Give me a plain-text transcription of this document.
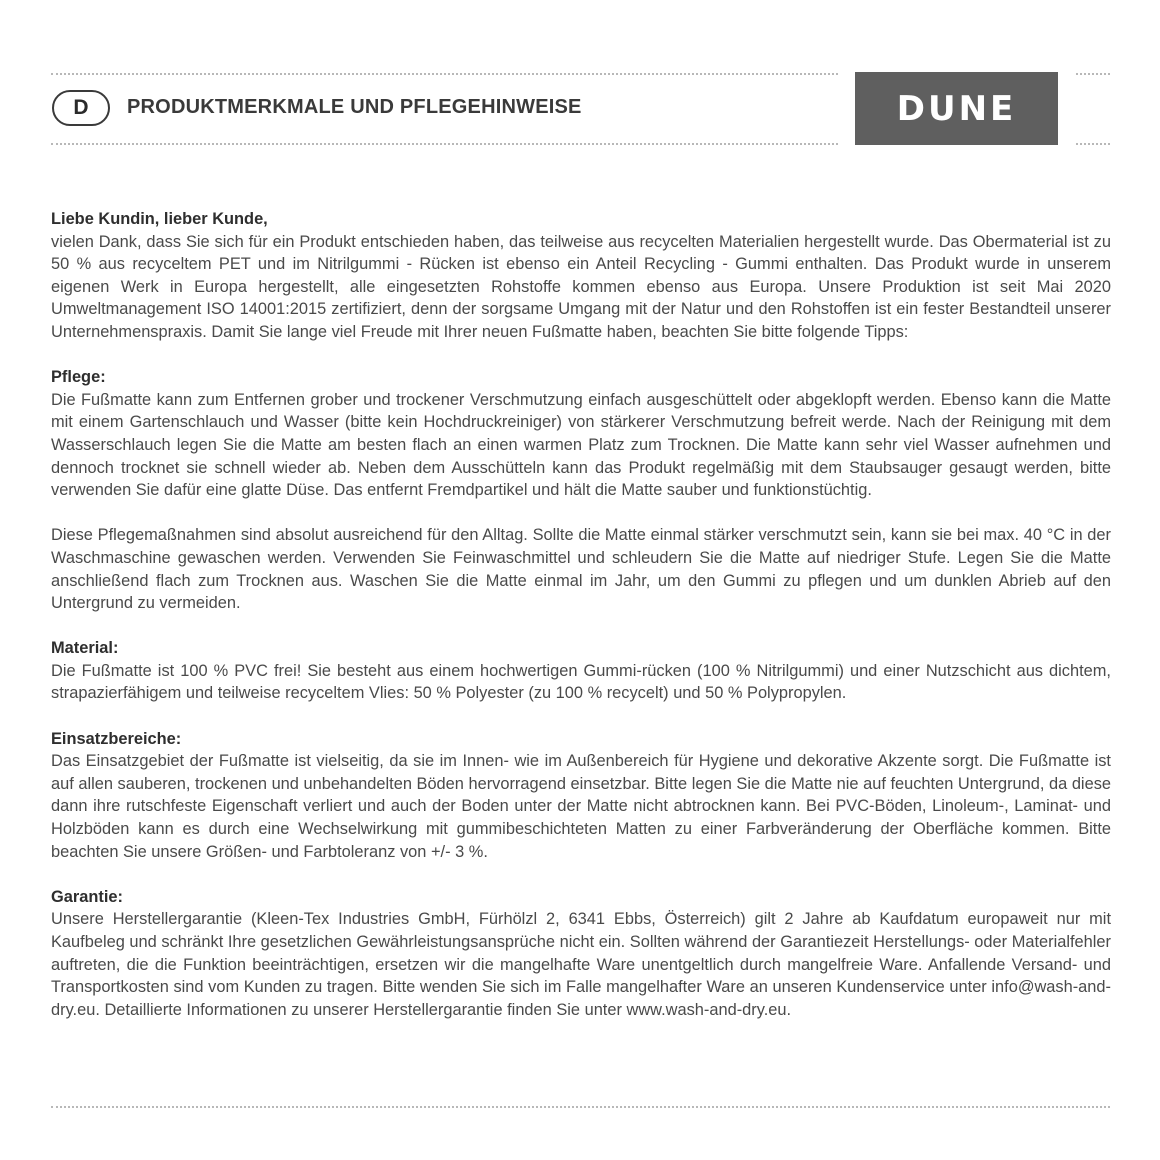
D PRODUKTMERKMALE UND PFLEGEHINWEISE	DUNE

Liebe Kundin, lieber Kunde,

vielen Dank, dass Sie sich für ein Produkt entschieden haben, das teilweise aus recycelten Materialien hergestellt wurde. Das Obermaterial ist zu 50 % aus recyceltem PET und im Nitrilgummi - Rücken ist ebenso ein Anteil Recycling - Gummi enthalten. Das Produkt wurde in unserem eigenen Werk in Europa hergestellt, alle eingesetzten Rohstoffe kommen ebenso aus Europa. Unsere Produktion ist seit Mai 2020 Umweltmanagement ISO 14001:2015 zertifiziert, denn der sorgsame Umgang mit der Natur und den Rohstoffen ist ein fester Bestandteil unserer Unternehmenspraxis. Damit Sie lange viel Freude mit Ihrer neuen Fußmatte haben, beachten Sie bitte folgende Tipps:

Pflege:

Die Fußmatte kann zum Entfernen grober und trockener Verschmutzung einfach ausgeschüttelt oder abgeklopft werden. Ebenso kann die Matte mit einem Gartenschlauch und Wasser (bitte kein Hochdruckreiniger) von stärkerer Verschmutzung befreit werde. Nach der Reinigung mit dem Wasserschlauch legen Sie die Matte am besten flach an einen warmen Platz zum Trocknen. Die Matte kann sehr viel Wasser aufnehmen und dennoch trocknet sie schnell wieder ab. Neben dem Ausschütteln kann das Produkt regelmäßig mit dem Staubsauger gesaugt werden, bitte verwenden Sie dafür eine glatte Düse. Das entfernt Fremdpartikel und hält die Matte sauber und funktionstüchtig.

Diese Pflegemaßnahmen sind absolut ausreichend für den Alltag. Sollte die Matte einmal stärker verschmutzt sein, kann sie bei max. 40 °C in der Waschmaschine gewaschen werden. Verwenden Sie Feinwaschmittel und schleudern Sie die Matte auf niedriger Stufe. Legen Sie die Matte anschließend flach zum Trocknen aus. Waschen Sie die Matte einmal im Jahr, um den Gummi zu pflegen und um dunklen Abrieb auf den Untergrund zu vermeiden.

Material:

Die Fußmatte ist 100 % PVC frei! Sie besteht aus einem hochwertigen Gummi-rücken (100 % Nitrilgummi) und einer Nutzschicht aus dichtem, strapazierfähigem und teilweise recyceltem Vlies: 50 % Polyester (zu 100 % recycelt) und 50 % Polypropylen.

Einsatzbereiche:

Das Einsatzgebiet der Fußmatte ist vielseitig, da sie im Innen- wie im Außenbereich für Hygiene und dekorative Akzente sorgt. Die Fußmatte ist auf allen sauberen, trockenen und unbehandelten Böden hervorragend einsetzbar. Bitte legen Sie die Matte nie auf feuchten Untergrund, da diese dann ihre rutschfeste Eigenschaft verliert und auch der Boden unter der Matte nicht abtrocknen kann. Bei PVC-Böden, Linoleum-, Laminat- und Holzböden kann es durch eine Wechselwirkung mit gummibeschichteten Matten zu einer Farbveränderung der Oberfläche kommen. Bitte beachten Sie unsere Größen- und Farbtoleranz von +/- 3 %.

Garantie:

Unsere Herstellergarantie (Kleen-Tex Industries GmbH, Fürhölzl 2, 6341 Ebbs, Österreich) gilt 2 Jahre ab Kaufdatum europaweit nur mit Kaufbeleg und schränkt Ihre gesetzlichen Gewährleistungsansprüche nicht ein. Sollten während der Garantiezeit Herstellungs- oder Materialfehler auftreten, die die Funktion beeinträchtigen, ersetzen wir die mangelhafte Ware unentgeltlich durch mangelfreie Ware. Anfallende Versand- und Transportkosten sind vom Kunden zu tragen. Bitte wenden Sie sich im Falle mangelhafter Ware an unseren Kundenservice unter info@wash-and-dry.eu. Detaillierte Informationen zu unserer Herstellergarantie finden Sie unter www.wash-and-dry.eu.
